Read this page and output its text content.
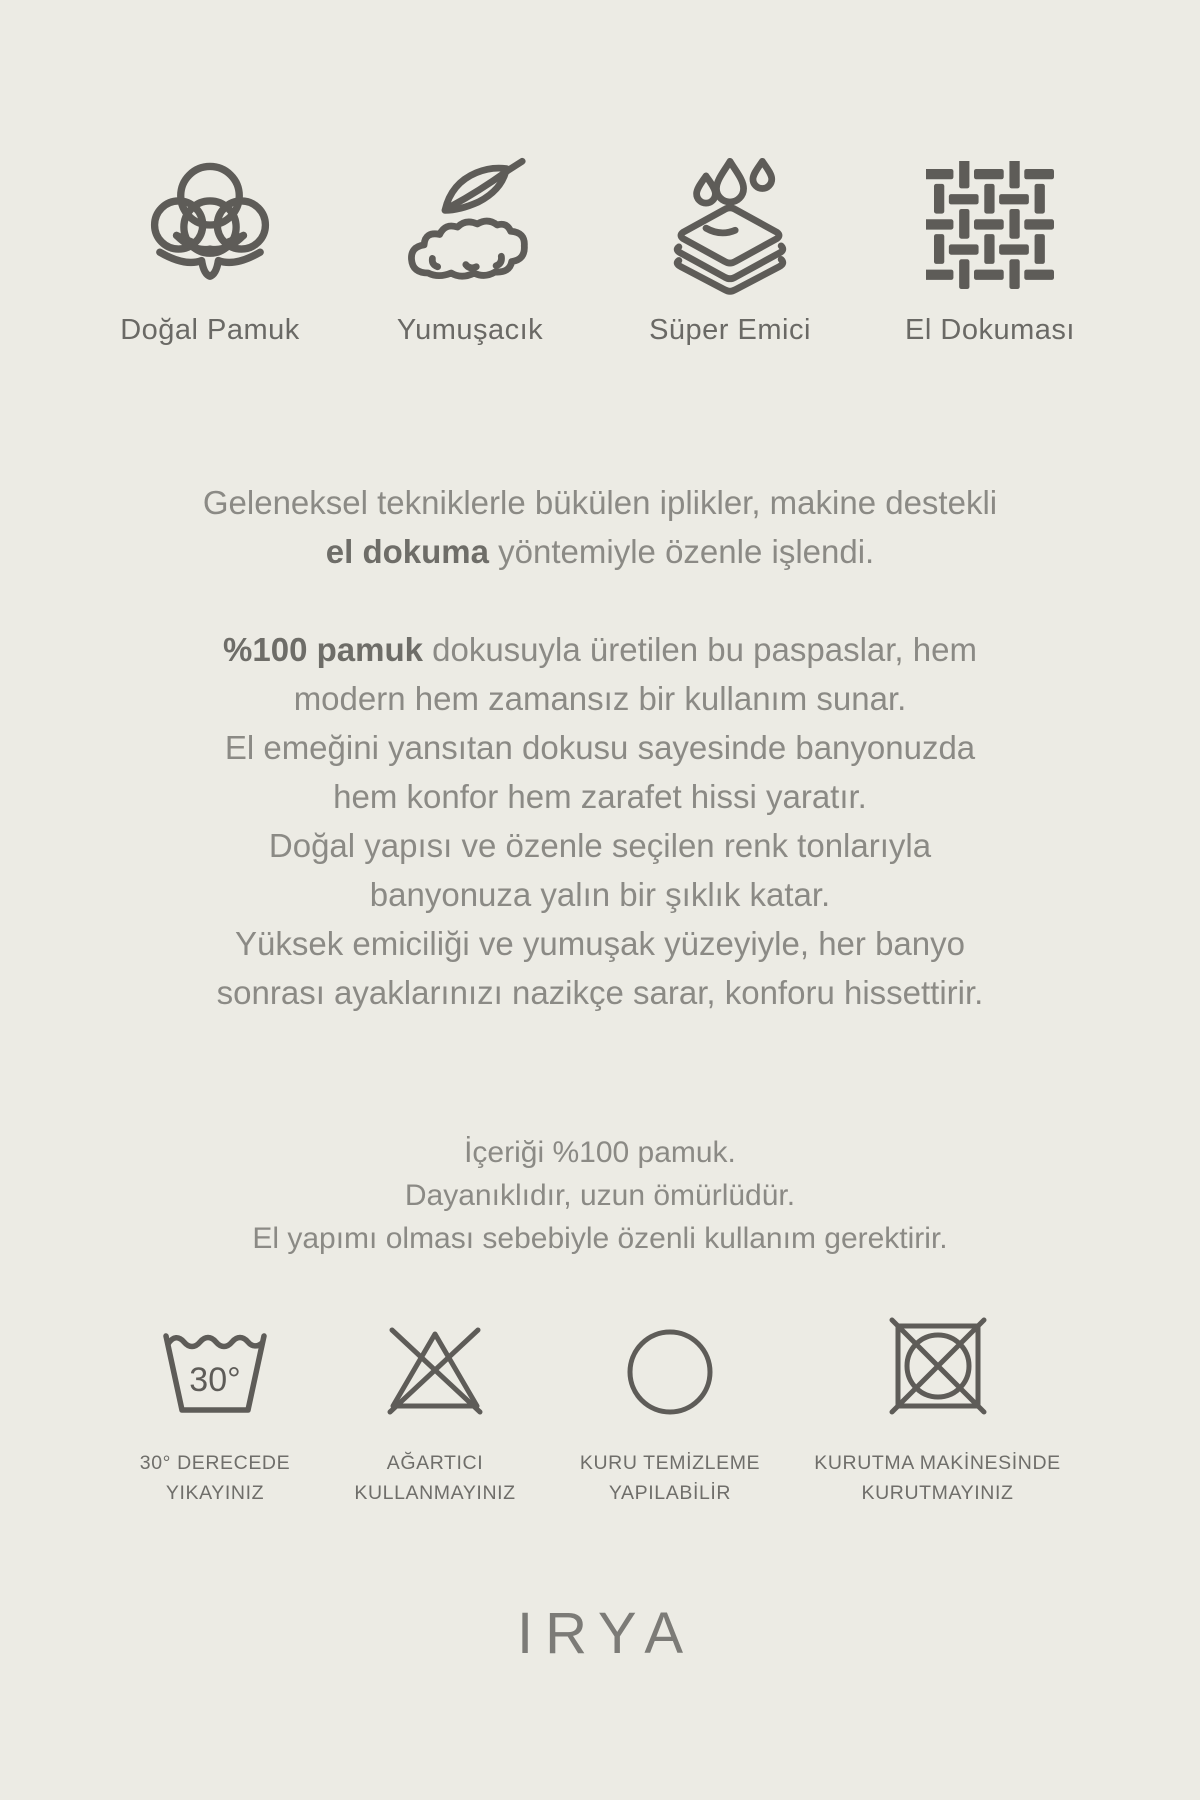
Doğal Pamuk	Yumuşacık	Süper Emici	El Dokuması
Geleneksel tekniklerle bükülen iplikler, makine destekli
el dokuma yöntemiyle özenle işlendi.
%100 pamuk dokusuyla üretilen bu paspaslar, hem
modern hem zamansız bir kullanım sunar.
El emeğini yansıtan dokusu sayesinde banyonuzda
hem konfor hem zarafet hissi yaratır.
Doğal yapısı ve özenle seçilen renk tonlarıyla
banyonuza yalın bir şıklık katar.
Yüksek emiciliği ve yumuşak yüzeyiyle, her banyo
sonrası ayaklarınızı nazikçe sarar, konforu hissettirir.
İçeriği %100 pamuk.
Dayanıklıdır, uzun ömürlüdür.
El yapımı olması sebebiyle özenli kullanım gerektirir.
30°
30° DERECEDE
YIKAYINIZ
AĞARTICI
KULLANMAYINIZ
KURU TEMİZLEME
YAPILABİLİR
KURUTMA MAKİNESİNDE
KURUTMAYINIZ
IRYA
